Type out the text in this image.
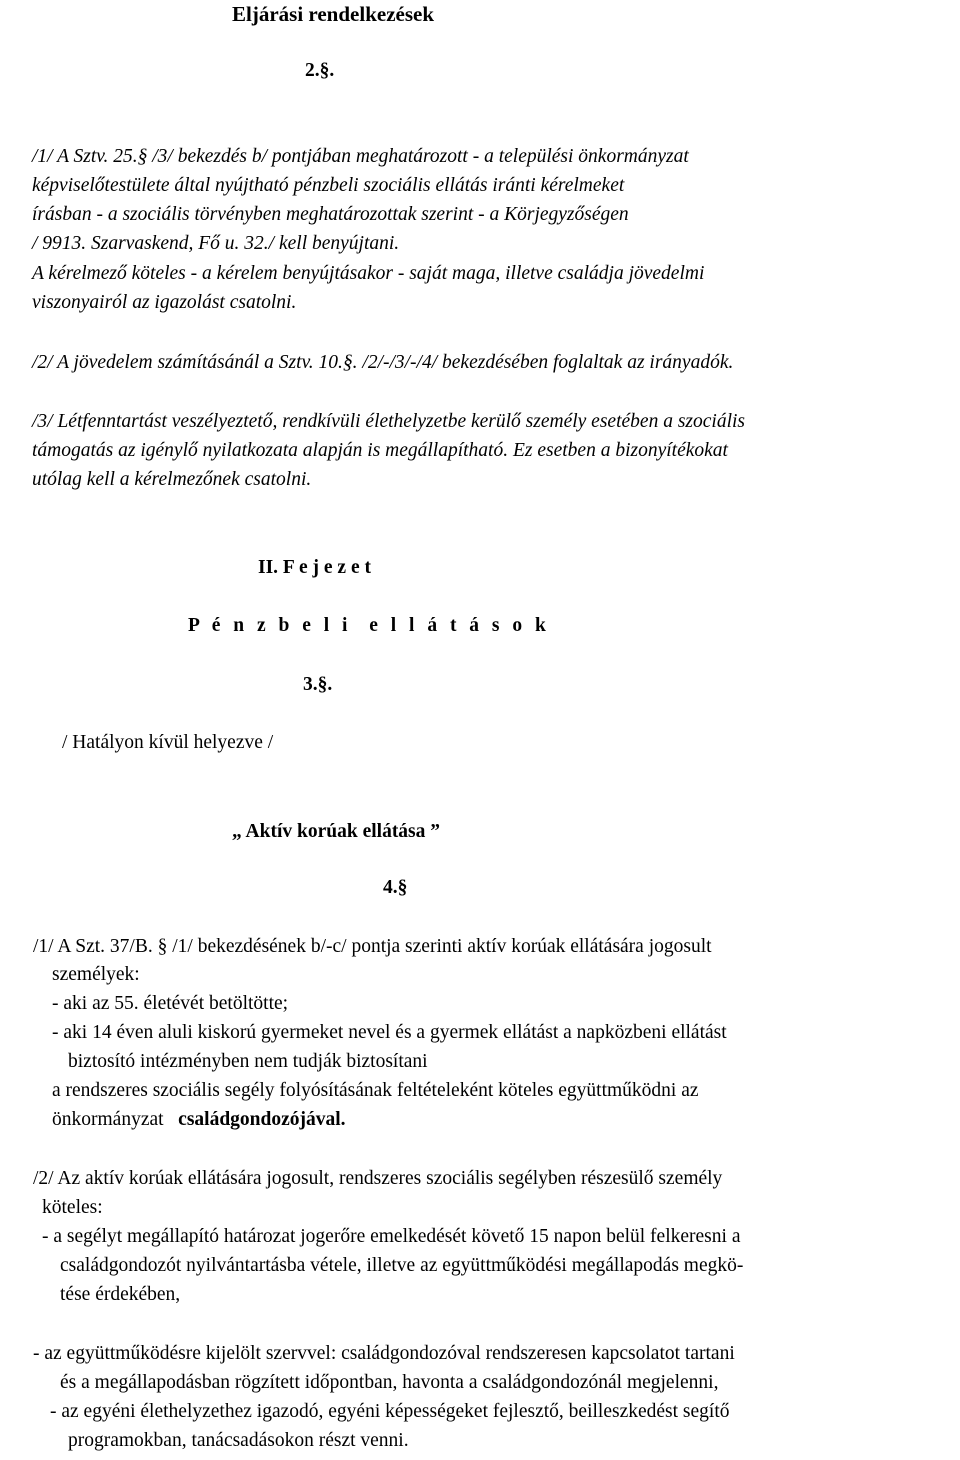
Eljárási rendelkezések
2.§.
/1/ A Sztv. 25.§ /3/ bekezdés b/ pontjában meghatározott - a települési önkormányzat
képviselőtestülete által nyújtható pénzbeli szociális ellátás iránti kérelmeket
írásban - a szociális törvényben meghatározottak szerint - a Körjegyzőségen
/ 9913. Szarvaskend, Fő u. 32./ kell benyújtani.
A kérelmező köteles - a kérelem benyújtásakor - saját maga, illetve családja jövedelmi
viszonyairól az igazolást csatolni.
/2/ A jövedelem számításánál a Sztv. 10.§. /2/-/3/-/4/ bekezdésében foglaltak az irányadók.
/3/ Létfenntartást veszélyeztető, rendkívüli élethelyzetbe kerülő személy esetében a szociális
támogatás az igénylő nyilatkozata alapján is megállapítható. Ez esetben a bizonyítékokat
utólag kell a kérelmezőnek csatolni.
II. F e j e z e t
P é n z b e l i  e l l á t á s o k
3.§.
/ Hatályon kívül helyezve /
„ Aktív korúak ellátása ”
4.§
/1/ A Szt. 37/B. § /1/ bekezdésének b/-c/ pontja szerinti aktív korúak ellátására jogosult
személyek:
- aki az 55. életévét betöltötte;
- aki 14 éven aluli kiskorú gyermeket nevel és a gyermek ellátást a napközbeni ellátást
biztosító intézményben nem tudják biztosítani
a rendszeres szociális segély folyósításának feltételeként köteles együttműködni az
önkormányzat családgondozójával.
/2/ Az aktív korúak ellátására jogosult, rendszeres szociális segélyben részesülő személy
köteles:
- a segélyt megállapító határozat jogerőre emelkedését követő 15 napon belül felkeresni a
családgondozót nyilvántartásba vétele, illetve az együttműködési megállapodás megkö-
tése érdekében,
- az együttműködésre kijelölt szervvel: családgondozóval rendszeresen kapcsolatot tartani
és a megállapodásban rögzített időpontban, havonta a családgondozónál megjelenni,
- az egyéni élethelyzethez igazodó, egyéni képességeket fejlesztő, beilleszkedést segítő
programokban, tanácsadásokon részt venni.
